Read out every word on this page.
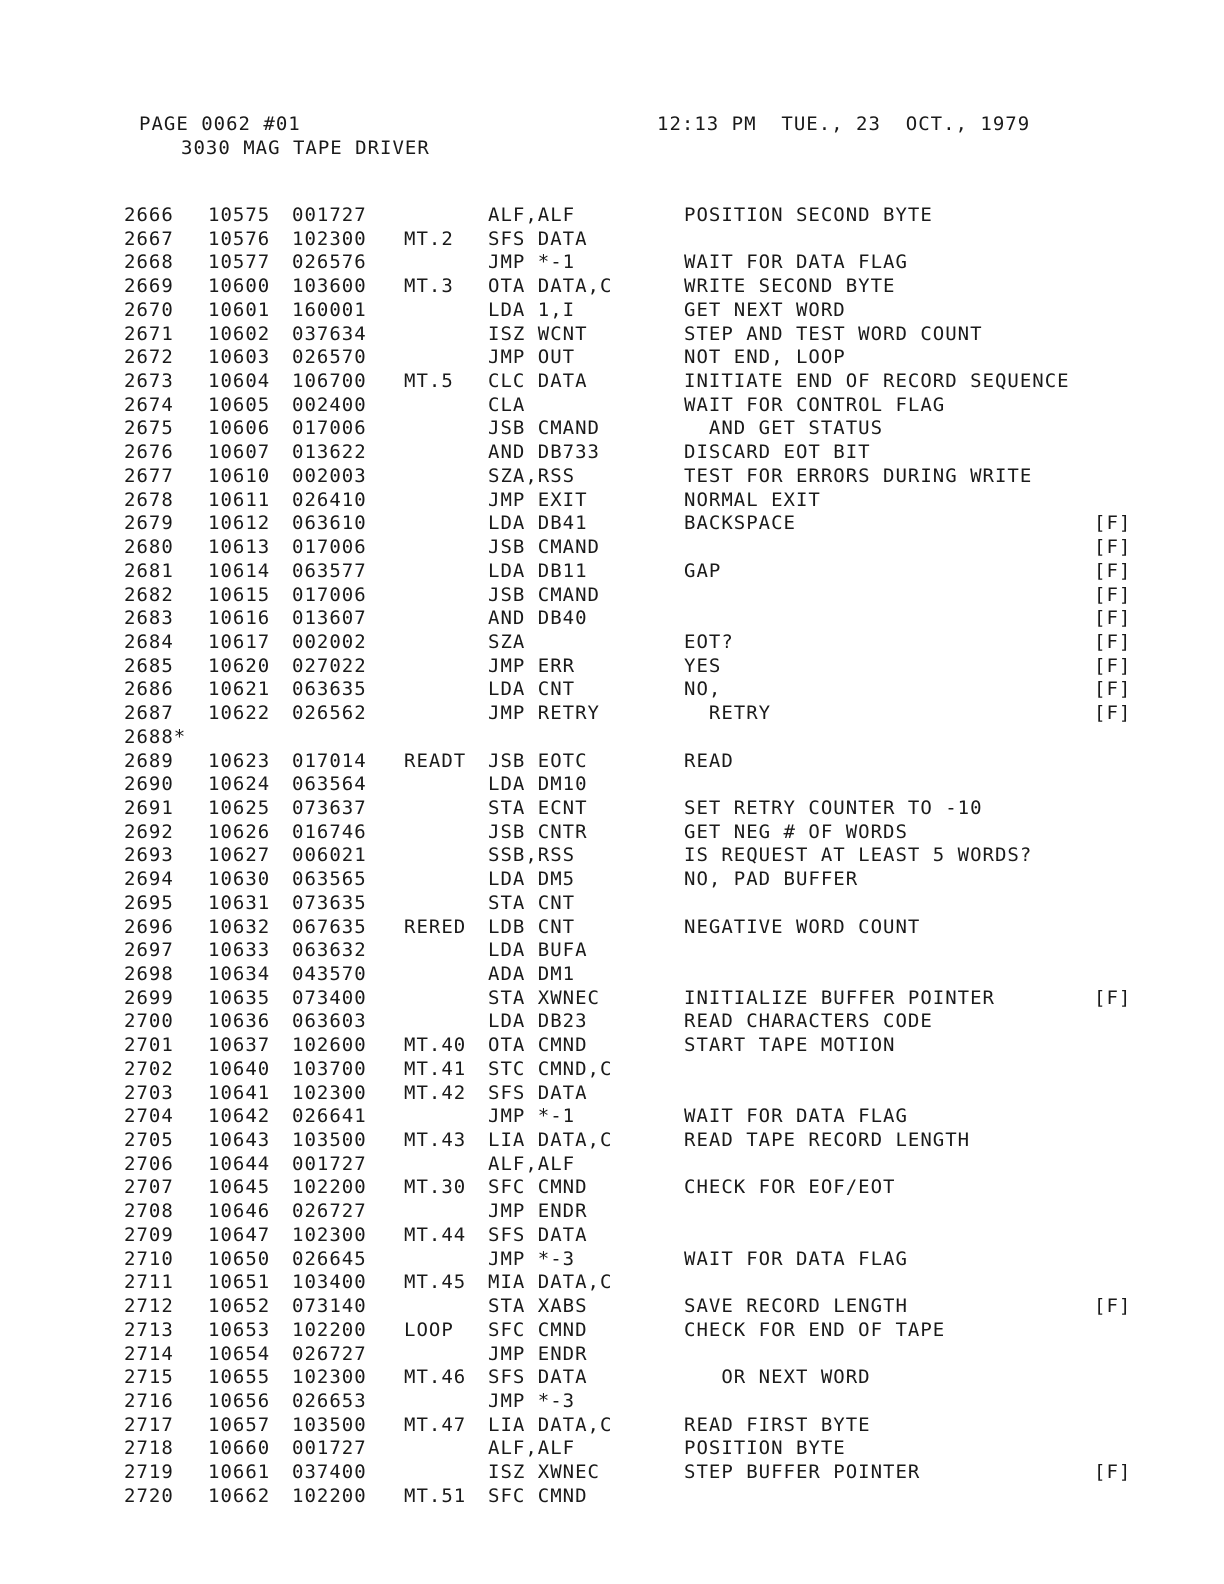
PAGE 0062 #01	12:13 PM  TUE., 23  OCT., 1979
3030 MAG TAPE DRIVER
2666 10575 001727	ALF,ALF	POSITION SECOND BYTE
2667 10576 102300 MT.2 SFS DATA
2668 10577 026576	JMP *-1	WAIT FOR DATA FLAG
2669 10600 103600 MT.3 OTA DATA,C	WRITE SECOND BYTE
2670 10601 160001	LDA 1,I	GET NEXT WORD
2671 10602 037634	ISZ WCNT	STEP AND TEST WORD COUNT
2672 10603 026570	JMP OUT	NOT END, LOOP
2673 10604 106700 MT.5 CLC DATA	INITIATE END OF RECORD SEQUENCE
2674 10605 002400	CLA	WAIT FOR CONTROL FLAG
2675 10606 017006	JSB CMAND	AND GET STATUS
2676 10607 013622	AND DB733	DISCARD EOT BIT
2677 10610 002003	SZA,RSS	TEST FOR ERRORS DURING WRITE
2678 10611 026410	JMP EXIT	NORMAL EXIT
2679 10612 063610	LDA DB41	BACKSPACE	[F]
2680 10613 017006	JSB CMAND	[F]
2681 10614 063577	LDA DB11	GAP	[F]
2682 10615 017006	JSB CMAND	[F]
2683 10616 013607	AND DB40	[F]
2684 10617 002002	SZA	EOT?	[F]
2685 10620 027022	JMP ERR	YES	[F]
2686 10621 063635	LDA CNT	NO,	[F]
2687 10622 026562	JMP RETRY	RETRY	[F]
2688*
2689 10623 017014 READT JSB EOTC	READ
2690 10624 063564	LDA DM10
2691 10625 073637	STA ECNT	SET RETRY COUNTER TO -10
2692 10626 016746	JSB CNTR	GET NEG # OF WORDS
2693 10627 006021	SSB,RSS	IS REQUEST AT LEAST 5 WORDS?
2694 10630 063565	LDA DM5	NO, PAD BUFFER
2695 10631 073635	STA CNT
2696 10632 067635 RERED LDB CNT	NEGATIVE WORD COUNT
2697 10633 063632	LDA BUFA
2698 10634 043570	ADA DM1
2699 10635 073400	STA XWNEC	INITIALIZE BUFFER POINTER	[F]
2700 10636 063603	LDA DB23	READ CHARACTERS CODE
2701 10637 102600 MT.40 OTA CMND	START TAPE MOTION
2702 10640 103700 MT.41 STC CMND,C
2703 10641 102300 MT.42 SFS DATA
2704 10642 026641	JMP *-1	WAIT FOR DATA FLAG
2705 10643 103500 MT.43 LIA DATA,C	READ TAPE RECORD LENGTH
2706 10644 001727	ALF,ALF
2707 10645 102200 MT.30 SFC CMND	CHECK FOR EOF/EOT
2708 10646 026727	JMP ENDR
2709 10647 102300 MT.44 SFS DATA
2710 10650 026645	JMP *-3	WAIT FOR DATA FLAG
2711 10651 103400 MT.45 MIA DATA,C
2712 10652 073140	STA XABS	SAVE RECORD LENGTH	[F]
2713 10653 102200 LOOP SFC CMND	CHECK FOR END OF TAPE
2714 10654 026727	JMP ENDR
2715 10655 102300 MT.46 SFS DATA	OR NEXT WORD
2716 10656 026653	JMP *-3
2717 10657 103500 MT.47 LIA DATA,C	READ FIRST BYTE
2718 10660 001727	ALF,ALF	POSITION BYTE
2719 10661 037400	ISZ XWNEC	STEP BUFFER POINTER	[F]
2720 10662 102200 MT.51 SFC CMND
